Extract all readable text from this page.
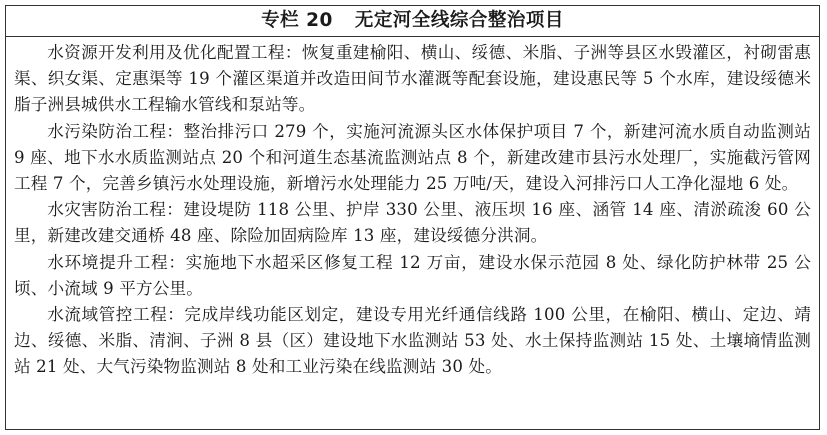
专栏 20 无定河全线综合整治项目

水资源开发利用及优化配置工程：恢复重建榆阳、横山、绥德、米脂、子洲等县区水毁灌区，衬砌雷惠渠、织女渠、定惠渠等 19 个灌区渠道并改造田间节水灌溉等配套设施，建设惠民等 5 个水库，建设绥德米脂子洲县城供水工程输水管线和泵站等。

水污染防治工程：整治排污口 279 个，实施河流源头区水体保护项目 7 个，新建河流水质自动监测站 9 座、地下水水质监测站点 20 个和河道生态基流监测站点 8 个，新建改建市县污水处理厂，实施截污管网工程 7 个，完善乡镇污水处理设施，新增污水处理能力 25 万吨/天，建设入河排污口人工净化湿地 6 处。

水灾害防治工程：建设堤防 118 公里、护岸 330 公里、液压坝 16 座、涵管 14 座、清淤疏浚 60 公里，新建改建交通桥 48 座、除险加固病险库 13 座，建设绥德分洪洞。

水环境提升工程：实施地下水超采区修复工程 12 万亩，建设水保示范园 8 处、绿化防护林带 25 公顷、小流域 9 平方公里。

水流域管控工程：完成岸线功能区划定，建设专用光纤通信线路 100 公里，在榆阳、横山、定边、靖边、绥德、米脂、清涧、子洲 8 县（区）建设地下水监测站 53 处、水土保持监测站 15 处、土壤墒情监测站 21 处、大气污染物监测站 8 处和工业污染在线监测站 30 处。
